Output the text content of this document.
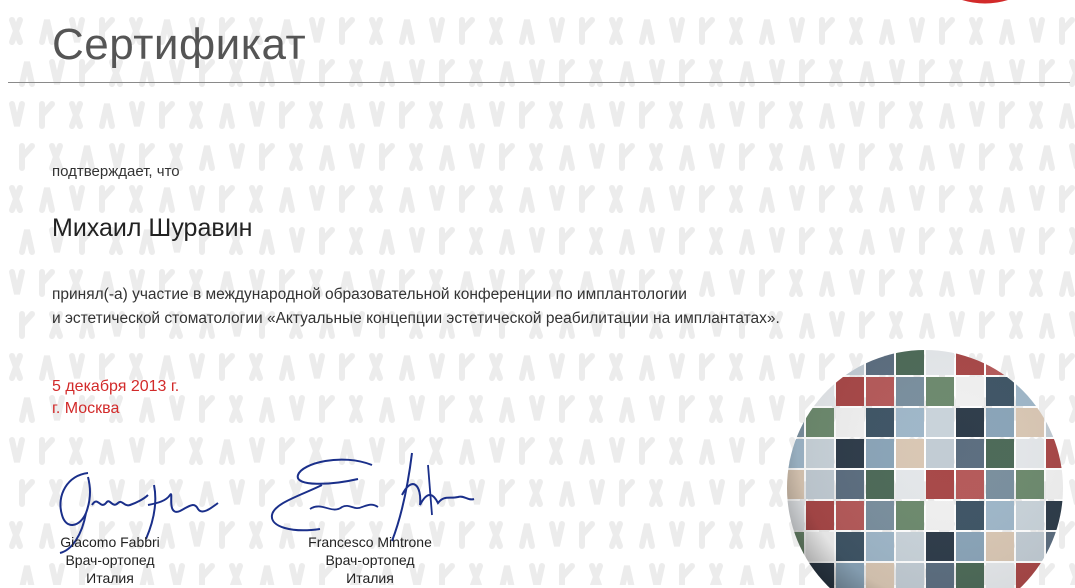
Сертификат
подтверждает, что
Михаил Шуравин
принял(-а) участие в международной образовательной конференции по имплантологии
и эстетической стоматологии «Актуальные концепции эстетической реабилитации на имплантатах».
5 декабря 2013 г.
г. Москва
Giacomo Fabbri
Врач-ортопед
Италия
Francesco Mintrone
Врач-ортопед
Италия
